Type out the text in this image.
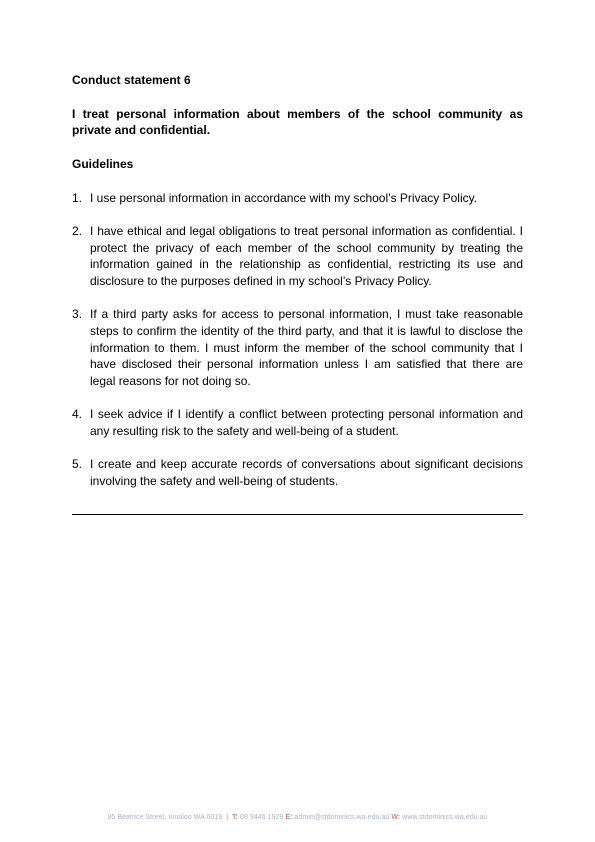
Conduct statement 6

I treat personal information about members of the school community as private and confidential.

Guidelines

1. I use personal information in accordance with my school’s Privacy Policy.
2. I have ethical and legal obligations to treat personal information as confidential. I protect the privacy of each member of the school community by treating the information gained in the relationship as confidential, restricting its use and disclosure to the purposes defined in my school’s Privacy Policy.
3. If a third party asks for access to personal information, I must take reasonable steps to confirm the identity of the third party, and that it is lawful to disclose the information to them. I must inform the member of the school community that I have disclosed their personal information unless I am satisfied that there are legal reasons for not doing so.
4. I seek advice if I identify a conflict between protecting personal information and any resulting risk to the safety and well-being of a student.
5. I create and keep accurate records of conversations about significant decisions involving the safety and well-being of students.
95 Beatrice Street, Innaloo WA 6018 | T: 08 9446 1929 E: admin@stdominics.wa.edu.au W: www.stdominics.wa.edu.au
